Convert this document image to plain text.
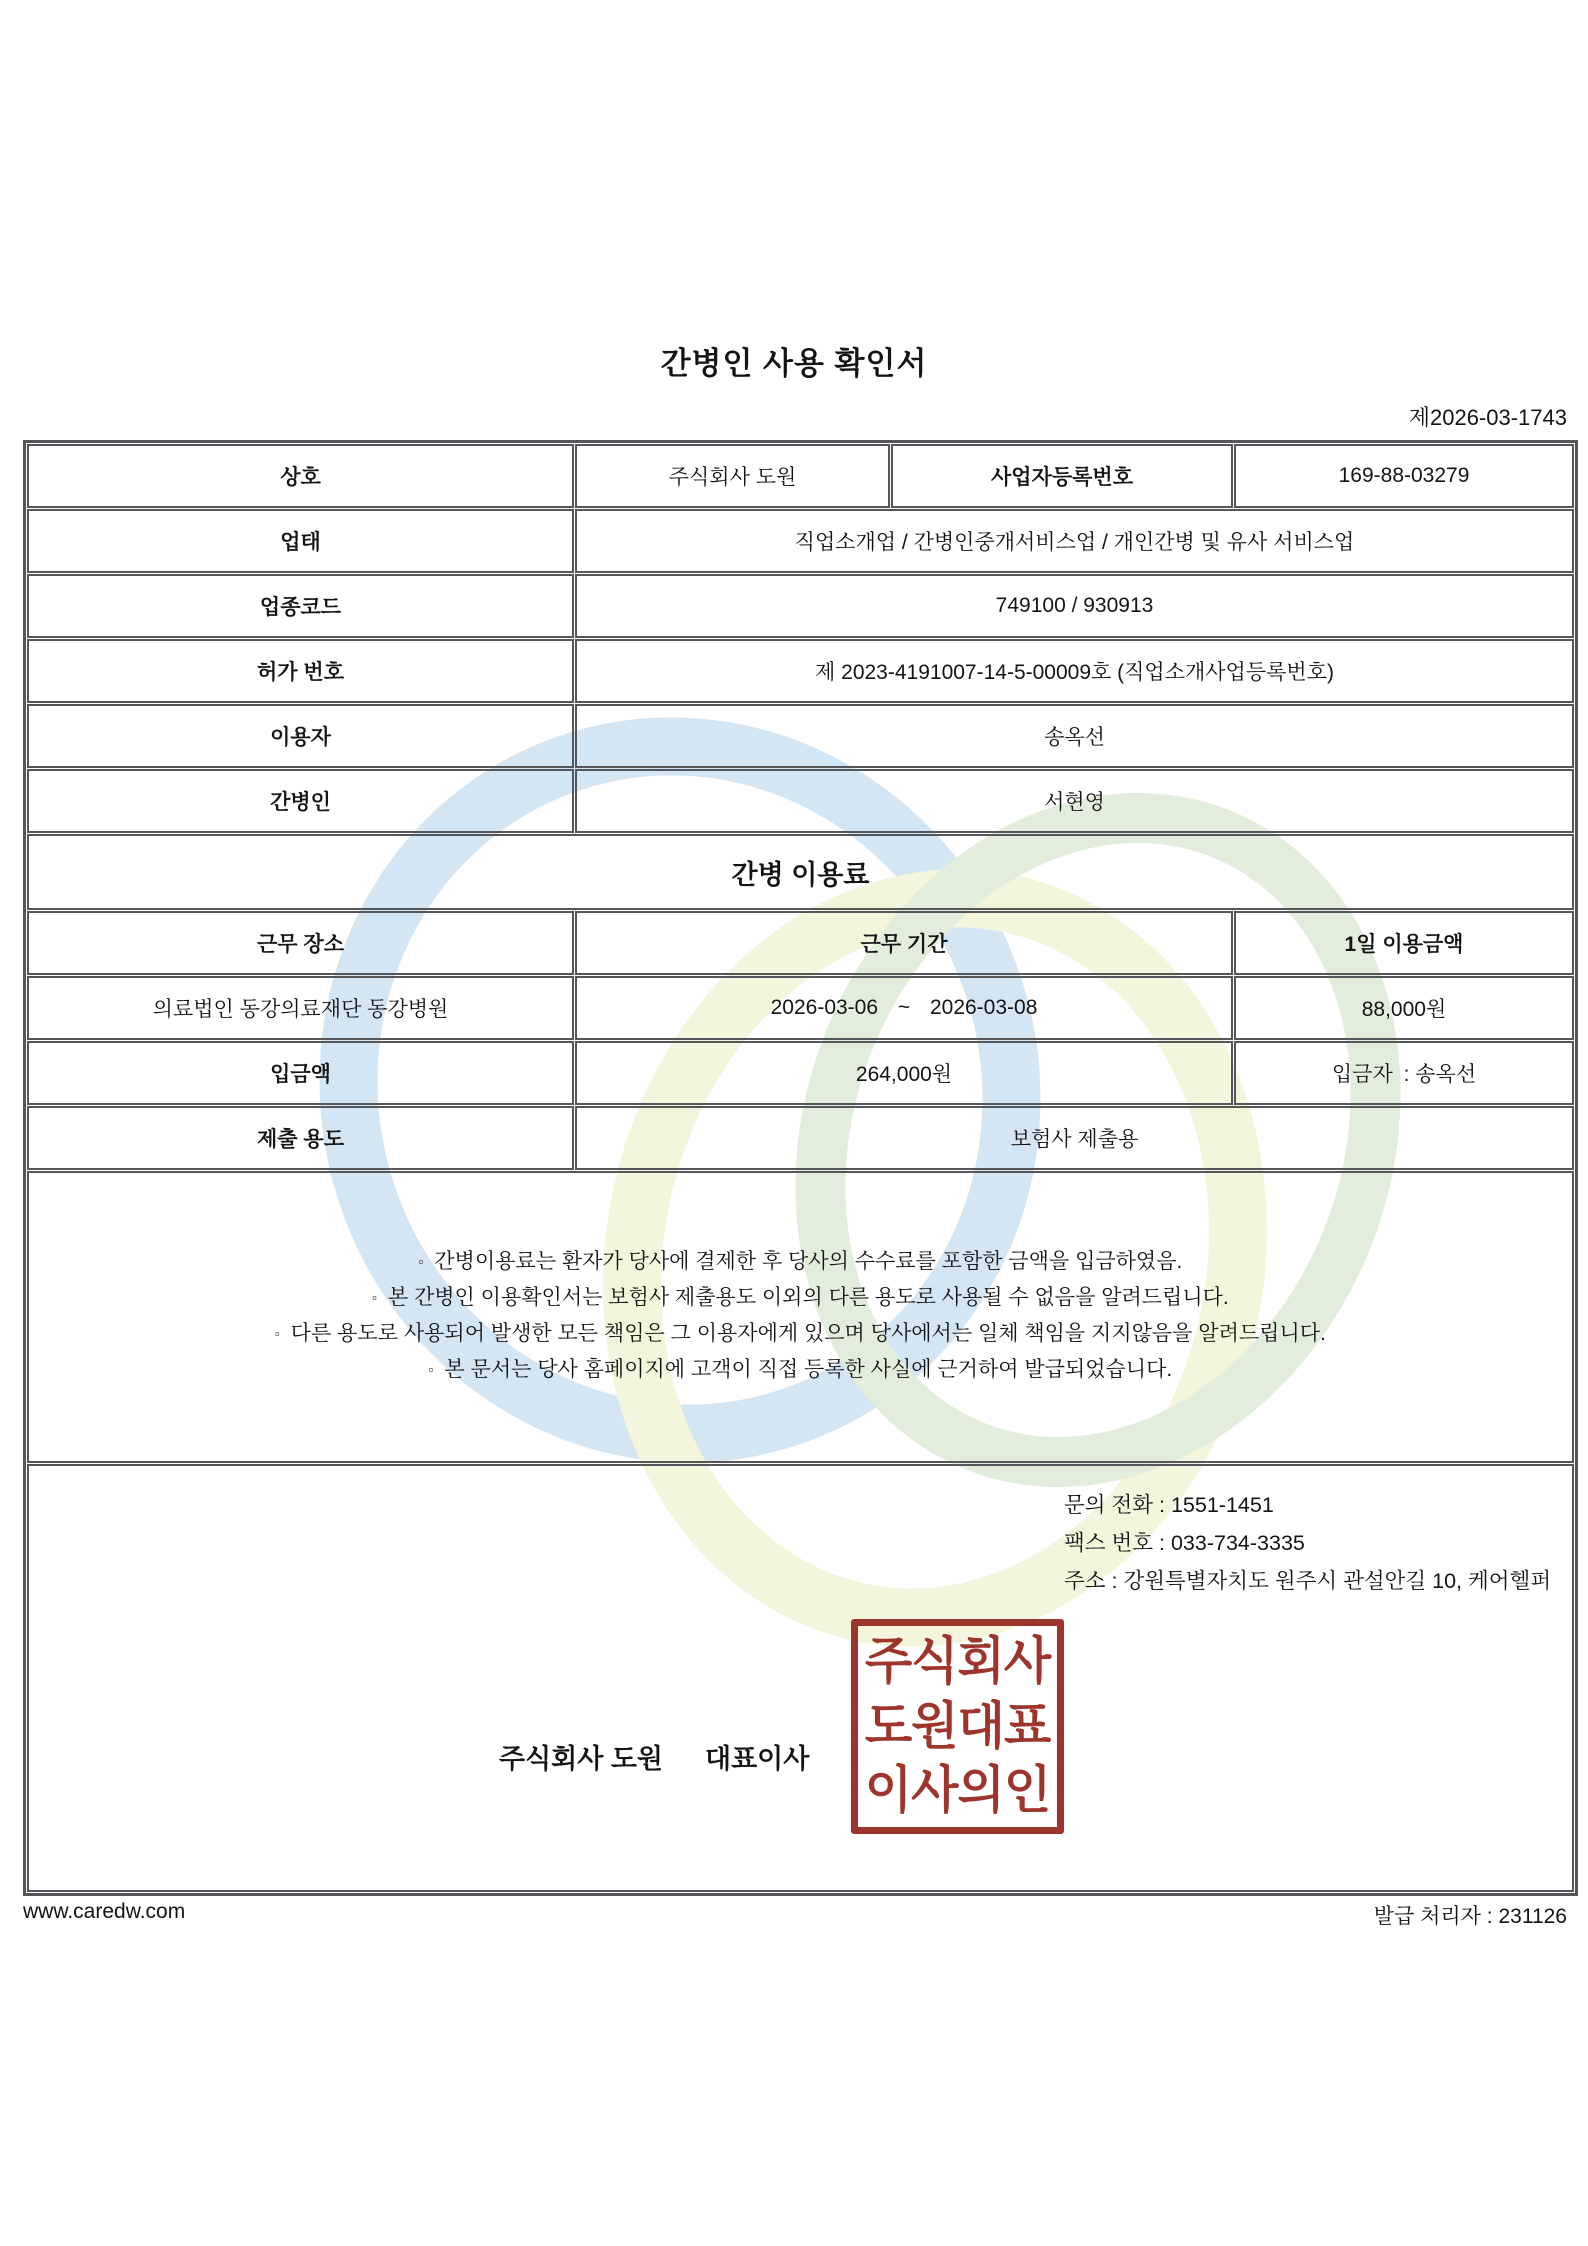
간병인 사용 확인서
제2026-03-1743
상호	주식회사 도원	사업자등록번호	169-88-03279
업태	직업소개업 / 간병인중개서비스업 / 개인간병 및 유사 서비스업		
업종코드	749100 / 930913		
허가 번호	제 2023-4191007-14-5-00009호 (직업소개사업등록번호)		
이용자	송옥선		
간병인	서현영		
간병 이용료			
근무 장소	근무 기간		1일 이용금액
의료법인 동강의료재단 동강병원	2026-03-06 ~ 2026-03-08		88,000원
입금액	264,000원		입금자 : 송옥선
제출 용도	보험사 제출용		

▫ 간병이용료는 환자가 당사에 결제한 후 당사의 수수료를 포함한 금액을 입금하였음.
▫ 본 간병인 이용확인서는 보험사 제출용도 이외의 다른 용도로 사용될 수 없음을 알려드립니다.
▫ 다른 용도로 사용되어 발생한 모든 책임은 그 이용자에게 있으며 당사에서는 일체 책임을 지지않음을 알려드립니다.
▫ 본 문서는 당사 홈페이지에 고객이 직접 등록한 사실에 근거하여 발급되었습니다.			

문의 전화 : 1551-1451
팩스 번호 : 033-734-3335
주소 : 강원특별자치도 원주시 관설안길 10, 케어헬퍼
주식회사 도원 대표이사
주식회사
도원대표
이사의인
www.caredw.com	발급 처리자 : 231126
